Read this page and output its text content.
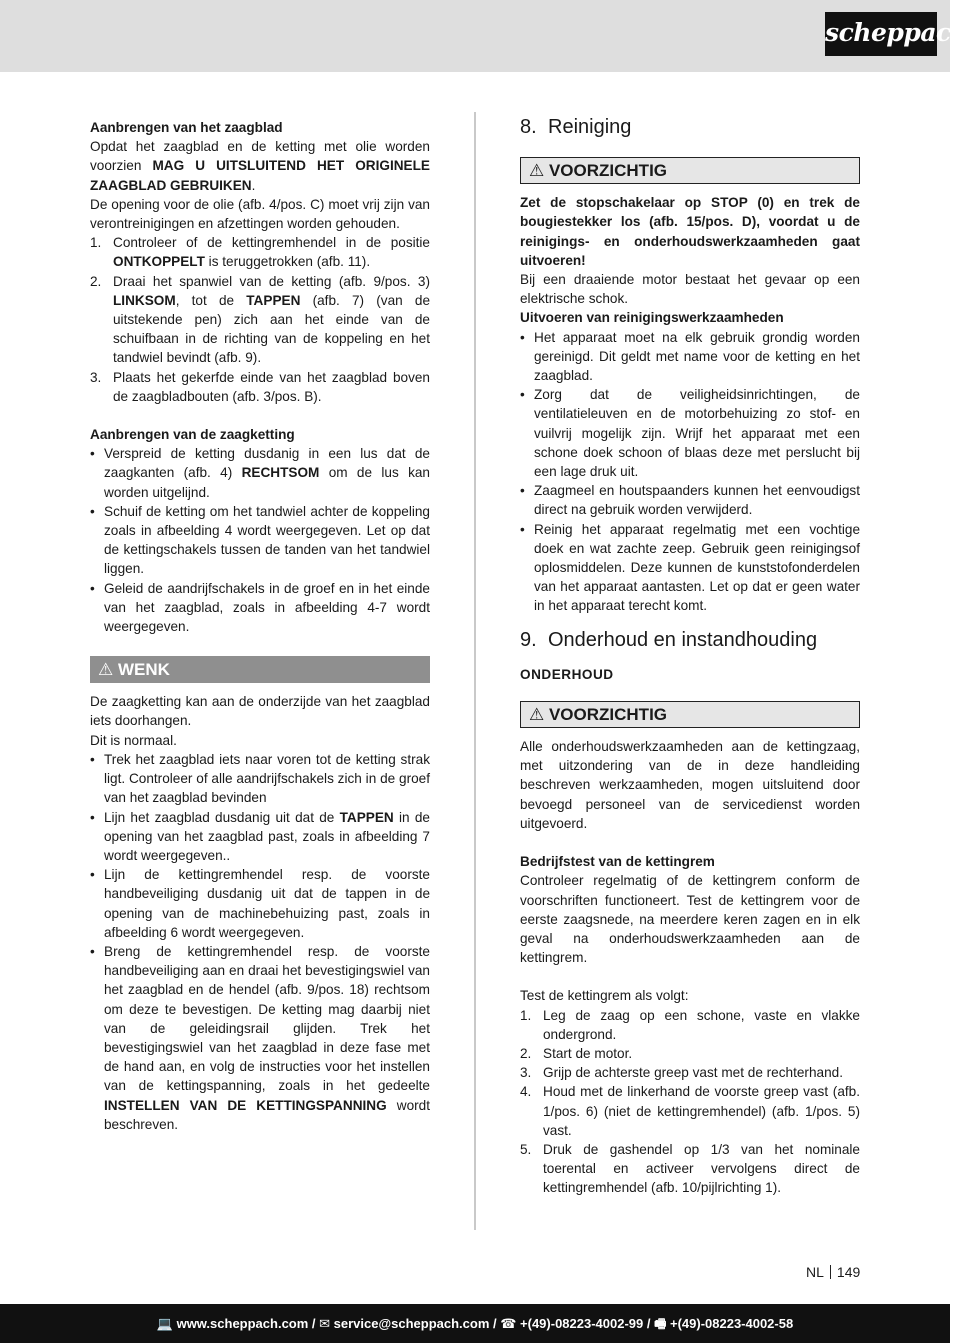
scheppach

Aanbrengen van het zaagblad

Opdat het zaagblad en de ketting met olie worden voorzien MAG U UITSLUITEND HET ORIGINELE ZAAGBLAD GEBRUIKEN.

De opening voor de olie (afb. 4/pos. C) moet vrij zijn van verontreinigingen en afzettingen worden gehouden.

1. Controleer of de kettingremhendel in de positie ONTKOPPELT is teruggetrokken (afb. 11).
2. Draai het spanwiel van de ketting (afb. 9/pos. 3) LINKSOM, tot de TAPPEN (afb. 7) (van de uitstekende pen) zich aan het einde van de schuifbaan in de richting van de koppeling en het tandwiel bevindt (afb. 9).
3. Plaats het gekerfde einde van het zaagblad boven de zaagbladbouten (afb. 3/pos. B).

Aanbrengen van de zaagketting

• Verspreid de ketting dusdanig in een lus dat de zaagkanten (afb. 4) RECHTSOM om de lus kan worden uitgelijnd.
• Schuif de ketting om het tandwiel achter de koppeling zoals in afbeelding 4 wordt weergegeven. Let op dat de kettingschakels tussen de tanden van het tandwiel liggen.
• Geleid de aandrijfschakels in de groef en in het einde van het zaagblad, zoals in afbeelding 4-7 wordt weergegeven.
⚠ WENK

De zaagketting kan aan de onderzijde van het zaagblad iets doorhangen.

Dit is normaal.

• Trek het zaagblad iets naar voren tot de ketting strak ligt. Controleer of alle aandrijfschakels zich in de groef van het zaagblad bevinden
• Lijn het zaagblad dusdanig uit dat de TAPPEN in de opening van het zaagblad past, zoals in afbeelding 7 wordt weergegeven..
• Lijn de kettingremhendel resp. de voorste handbeveiliging dusdanig uit dat de tappen in de opening van de machinebehuizing past, zoals in afbeelding 6 wordt weergegeven.
• Breng de kettingremhendel resp. de voorste handbeveiliging aan en draai het bevestigingswiel van het zaagblad en de hendel (afb. 9/pos. 18) rechtsom om deze te bevestigen. De ketting mag daarbij niet van de geleidingsrail glijden. Trek het bevestigingswiel van het zaagblad in deze fase met de hand aan, en volg de instructies voor het instellen van de kettingspanning, zoals in het gedeelte INSTELLEN VAN DE KETTINGSPANNING wordt beschreven.

8. Reiniging

⚠ VOORZICHTIG

Zet de stopschakelaar op STOP (0) en trek de bougiestekker los (afb. 15/pos. D), voordat u de reinigings- en onderhoudswerkzaamheden gaat uitvoeren!

Bij een draaiende motor bestaat het gevaar op een elektrische schok.

Uitvoeren van reinigingswerkzaamheden

• Het apparaat moet na elk gebruik grondig worden gereinigd. Dit geldt met name voor de ketting en het zaagblad.
• Zorg dat de veiligheidsinrichtingen, de ventilatieleuven en de motorbehuizing zo stof- en vuilvrij mogelijk zijn. Wrijf het apparaat met een schone doek schoon of blaas deze met perslucht bij een lage druk uit.
• Zaagmeel en houtspaanders kunnen het eenvoudigst direct na gebruik worden verwijderd.
• Reinig het apparaat regelmatig met een vochtige doek en wat zachte zeep. Gebruik geen reinigingsof oplosmiddelen. Deze kunnen de kunststofonderdelen van het apparaat aantasten. Let op dat er geen water in het apparaat terecht komt.

9. Onderhoud en instandhouding

ONDERHOUD

⚠ VOORZICHTIG

Alle onderhoudswerkzaamheden aan de kettingzaag, met uitzondering van de in deze handleiding beschreven werkzaamheden, mogen uitsluitend door bevoegd personeel van de servicedienst worden uitgevoerd.

Bedrijfstest van de kettingrem

Controleer regelmatig of de kettingrem conform de voorschriften functioneert. Test de kettingrem voor de eerste zaagsnede, na meerdere keren zagen en in elk geval na onderhoudswerkzaamheden aan de kettingrem.

Test de kettingrem als volgt:

1. Leg de zaag op een schone, vaste en vlakke ondergrond.
2. Start de motor.
3. Grijp de achterste greep vast met de rechterhand.
4. Houd met de linkerhand de voorste greep vast (afb. 1/pos. 6) (niet de kettingremhendel) (afb. 1/pos. 5) vast.
5. Druk de gashendel op 1/3 van het nominale toerental en activeer vervolgens direct de kettingremhendel (afb. 10/pijlrichting 1).
NL 149
💻 www.scheppach.com / ✉ service@scheppach.com / ☎ +(49)-08223-4002-99 / 🖷 +(49)-08223-4002-58
